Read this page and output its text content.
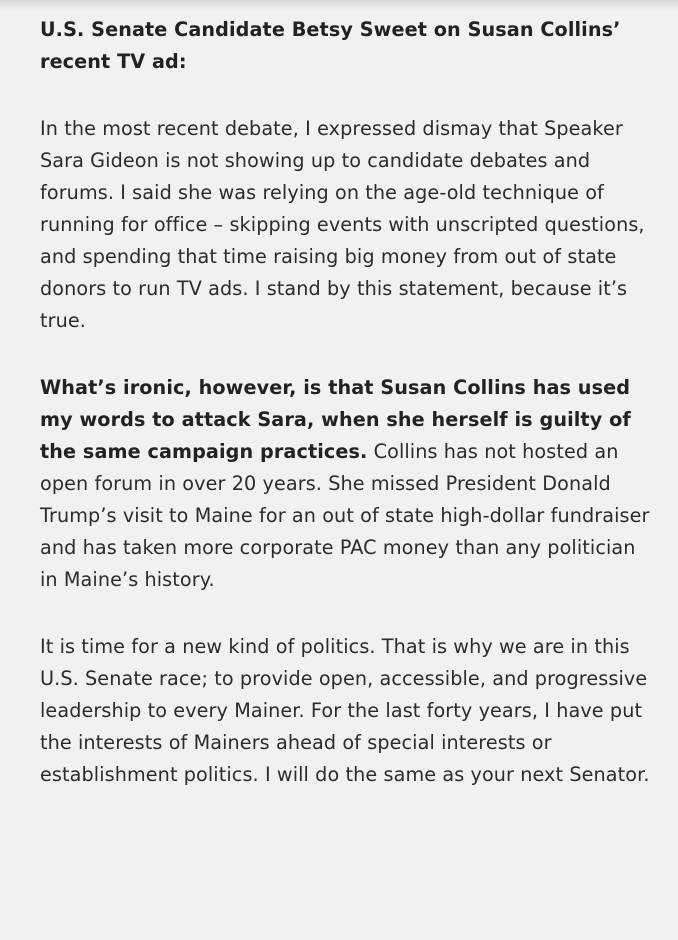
U.S. Senate Candidate Betsy Sweet on Susan Collins’ recent TV ad:

In the most recent debate, I expressed dismay that Speaker Sara Gideon is not showing up to candidate debates and forums. I said she was relying on the age-old technique of running for office – skipping events with unscripted questions, and spending that time raising big money from out of state donors to run TV ads. I stand by this statement, because it’s true.

What’s ironic, however, is that Susan Collins has used my words to attack Sara, when she herself is guilty of the same campaign practices. Collins has not hosted an open forum in over 20 years. She missed President Donald Trump’s visit to Maine for an out of state high-dollar fundraiser and has taken more corporate PAC money than any politician in Maine’s history.

It is time for a new kind of politics. That is why we are in this U.S. Senate race; to provide open, accessible, and progressive leadership to every Mainer. For the last forty years, I have put the interests of Mainers ahead of special interests or establishment politics. I will do the same as your next Senator.
